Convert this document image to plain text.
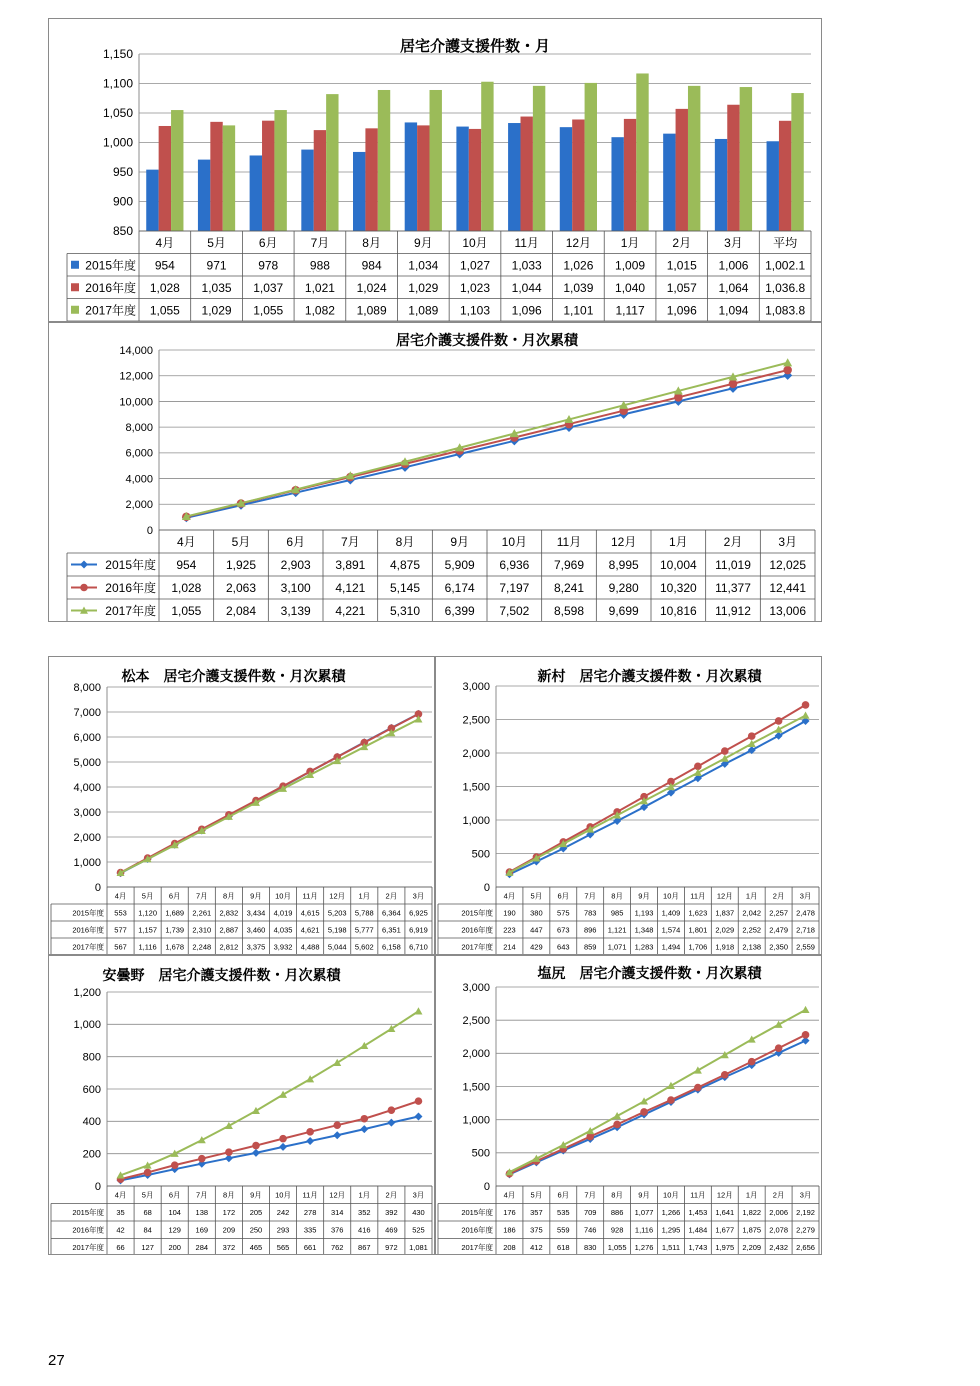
居宅介護支援件数・月
850
900
950
1,000
1,050
1,100
1,150
4月	5月	6月	7月	8月	9月 10月 11月 12月 1月	2月	3月	平均
2015年度 954	971	978	988	984 1,034 1,027 1,033 1,026 1,009 1,015 1,006 1,002.1
2016年度 1,028 1,035 1,037 1,021 1,024 1,029 1,023 1,044 1,039 1,040 1,057 1,064 1,036.8
2017年度 1,055 1,029 1,055 1,082 1,089 1,089 1,103 1,096 1,101 1,117 1,096 1,094 1,083.8
居宅介護支援件数・月次累積
0
2,000
4,000
6,000
8,000
10,000
12,000
14,000
4月	5月	6月	7月	8月	9月	10月 11月 12月	1月	2月	3月
2015年度 954 1,925 2,903 3,891 4,875 5,909 6,936 7,969 8,995 10,004 11,019 12,025
2016年度 1,028 2,063 3,100 4,121 5,145 6,174 7,197 8,241 9,280 10,320 11,377 12,441
2017年度 1,055 2,084 3,139 4,221 5,310 6,399 7,502 8,598 9,699 10,816 11,912 13,006
松本　居宅介護支援件数・月次累積
0
1,000
2,000
3,000
4,000
5,000
6,000
7,000
8,000
4月 5月 6月 7月 8月 9月 10月 11月 12月 1月 2月 3月
2015年度 553 1,120 1,689 2,261 2,832 3,434 4,019 4,615 5,203 5,788 6,364 6,925
2016年度 577 1,157 1,739 2,310 2,887 3,460 4,035 4,621 5,198 5,777 6,351 6,919
2017年度 567 1,116 1,678 2,248 2,812 3,375 3,932 4,488 5,044 5,602 6,158 6,710
新村　居宅介護支援件数・月次累積
0
500
1,000
1,500
2,000
2,500
3,000
4月 5月 6月 7月 8月 9月 10月 11月 12月 1月 2月 3月
2015年度 190 380 575 783 985 1,193 1,409 1,623 1,837 2,042 2,257 2,478
2016年度 223 447 673 896 1,121 1,348 1,574 1,801 2,029 2,252 2,479 2,718
2017年度 214 429 643 859 1,071 1,283 1,494 1,706 1,918 2,138 2,350 2,559
安曇野　居宅介護支援件数・月次累積
0
200
400
600
800
1,000
1,200
4月 5月 6月 7月 8月 9月 10月 11月 12月 1月 2月 3月
2015年度 35 68 104 138 172 205 242 278 314 352 392 430
2016年度 42 84 129 169 209 250 293 335 376 416 469 525
2017年度 66 127 200 284 372 465 565 661 762 867 972 1,081
塩尻　居宅介護支援件数・月次累積
0
500
1,000
1,500
2,000
2,500
3,000
4月 5月 6月 7月 8月 9月 10月 11月 12月 1月 2月 3月
2015年度 176 357 535 709 886 1,077 1,266 1,453 1,641 1,822 2,006 2,192
2016年度 186 375 559 746 928 1,116 1,295 1,484 1,677 1,875 2,078 2,279
2017年度 208 412 618 830 1,055 1,276 1,511 1,743 1,975 2,209 2,432 2,656
27
